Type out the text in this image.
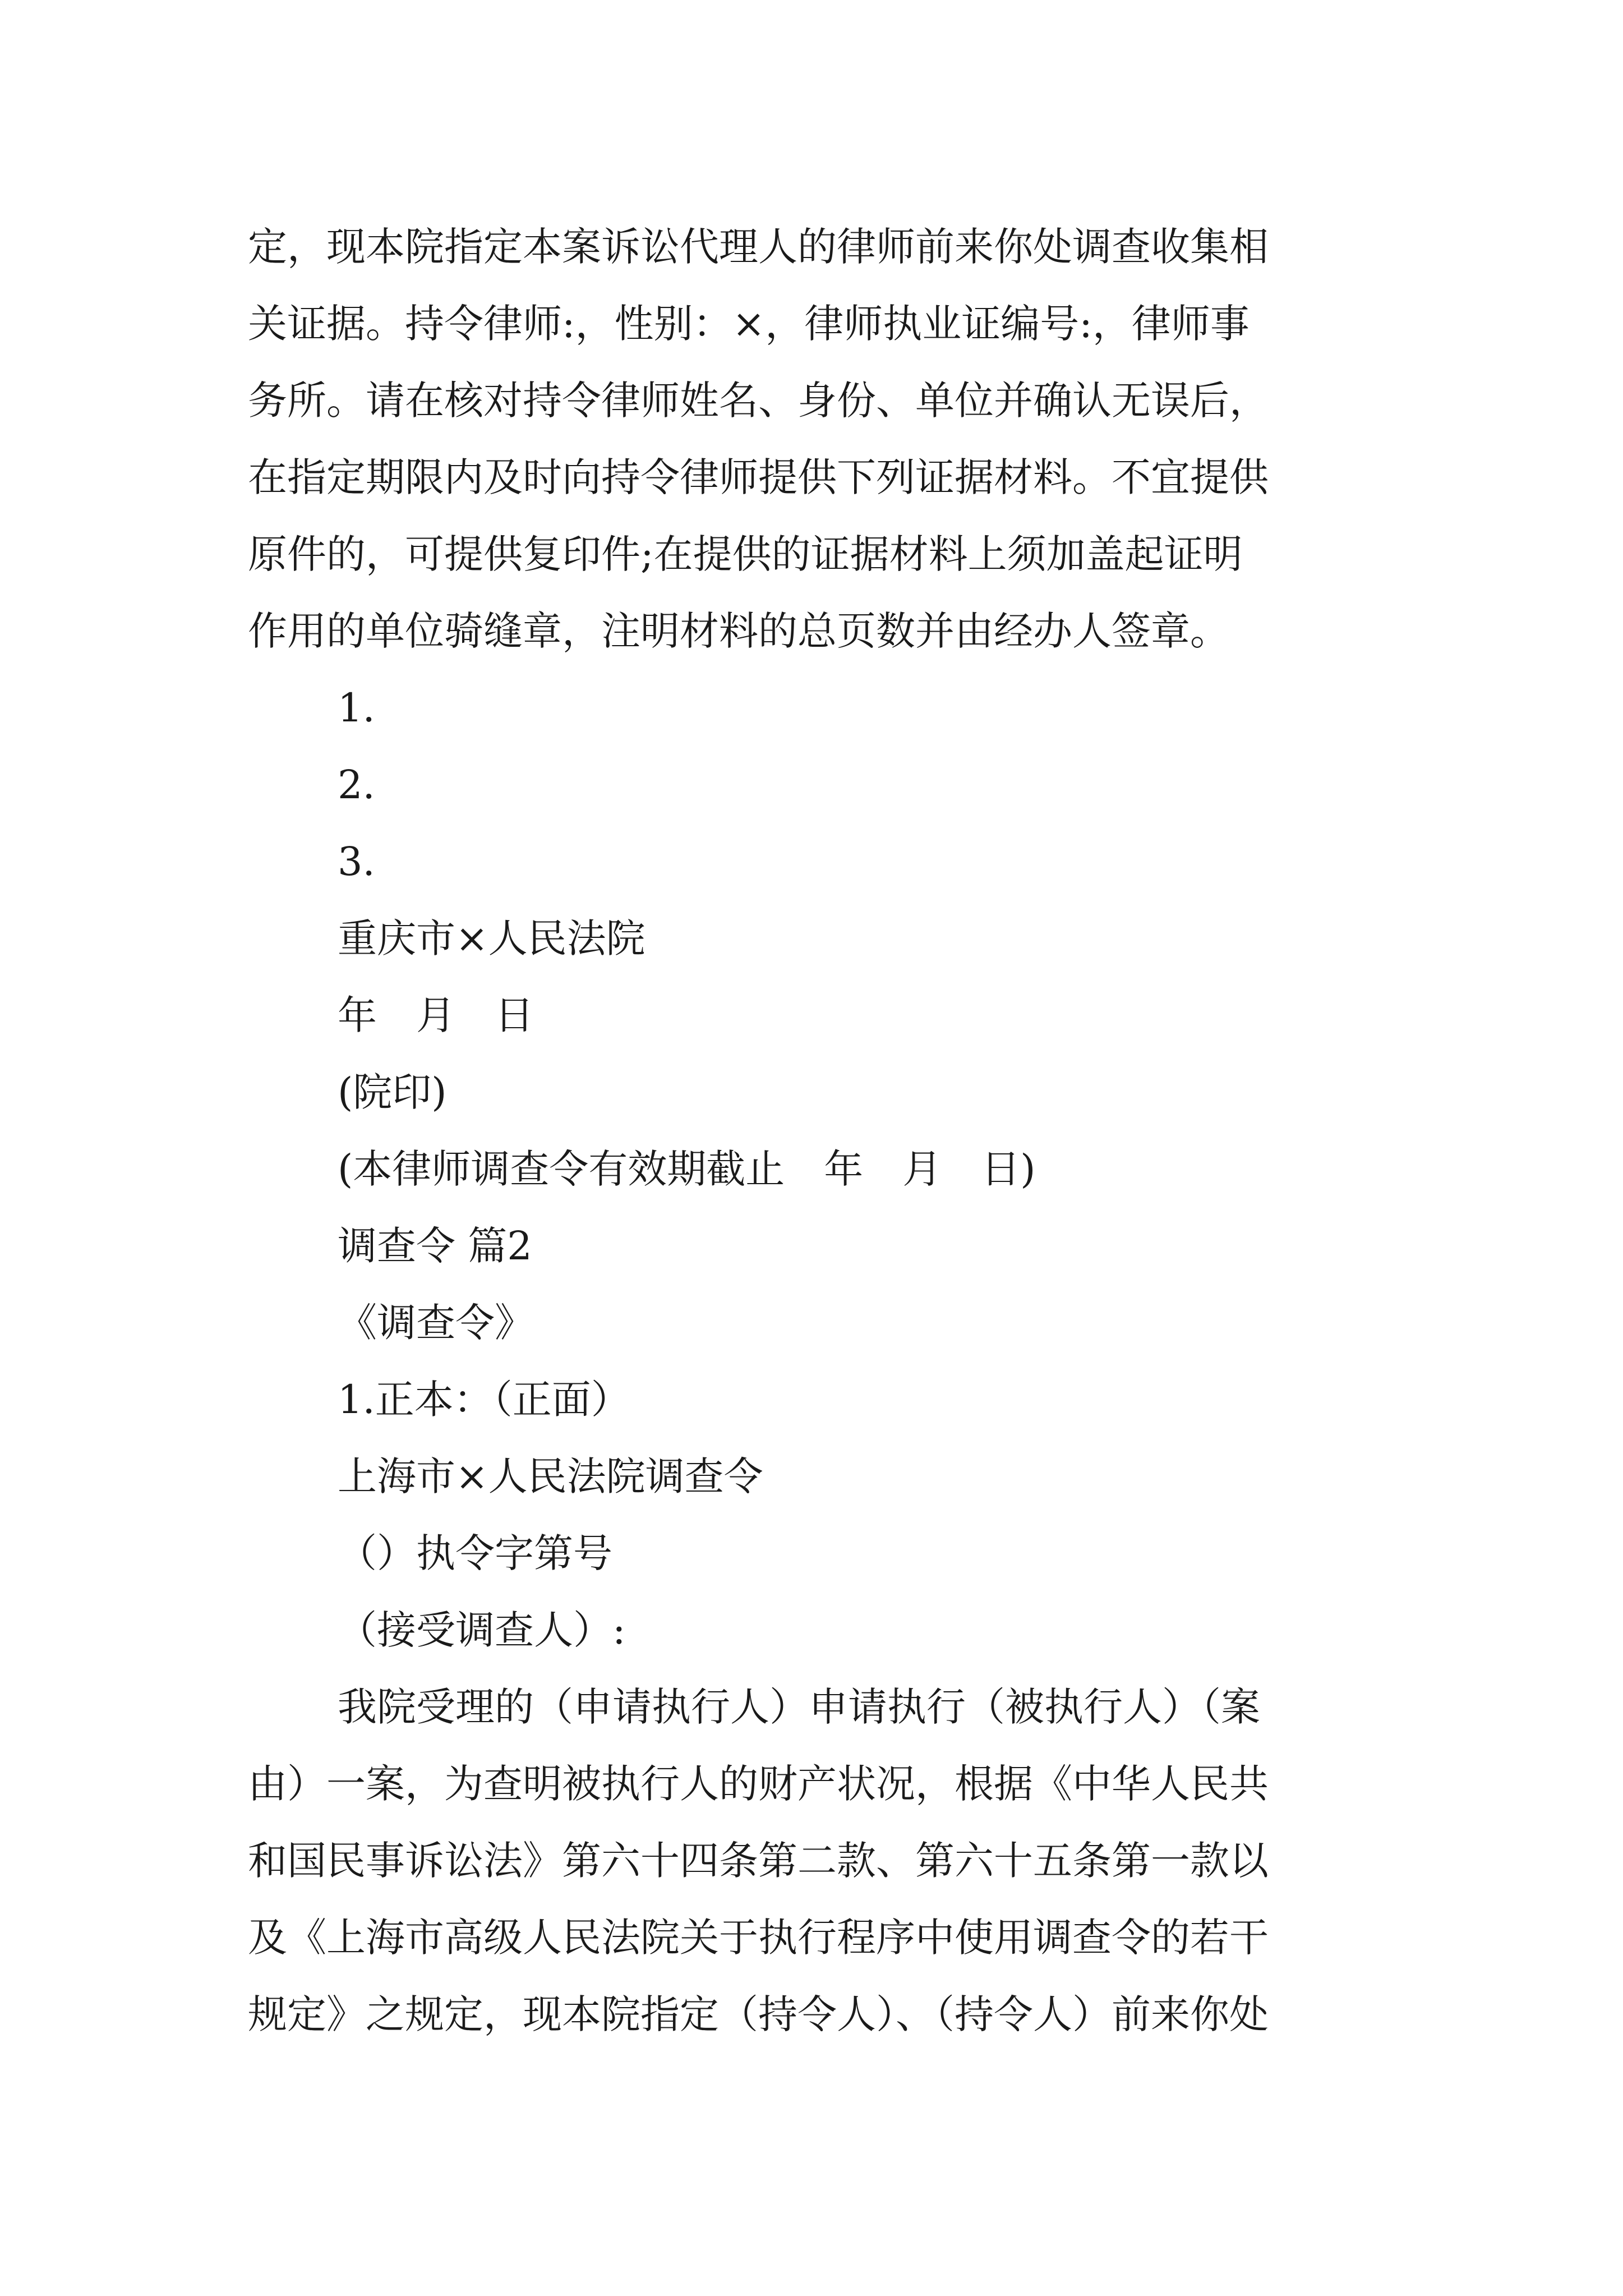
定，现本院指定本案诉讼代理人的律师前来你处调查收集相
关证据。持令律师:，性别：×，律师执业证编号:，律师事
务所。请在核对持令律师姓名、身份、单位并确认无误后，
在指定期限内及时向持令律师提供下列证据材料。不宜提供
原件的，可提供复印件;在提供的证据材料上须加盖起证明
作用的单位骑缝章，注明材料的总页数并由经办人签章。
1.
2.
3.
重庆市×人民法院
年　月　日
(院印)
(本律师调查令有效期截止　年　月　日)
调查令 篇2
《调查令》
1.正本：（正面）
上海市×人民法院调查令
（）执令字第号
（接受调查人）:
我院受理的（申请执行人）申请执行（被执行人）（案
由）一案，为查明被执行人的财产状况，根据《中华人民共
和国民事诉讼法》第六十四条第二款、第六十五条第一款以
及《上海市高级人民法院关于执行程序中使用调查令的若干
规定》之规定，现本院指定（持令人）、（持令人）前来你处
